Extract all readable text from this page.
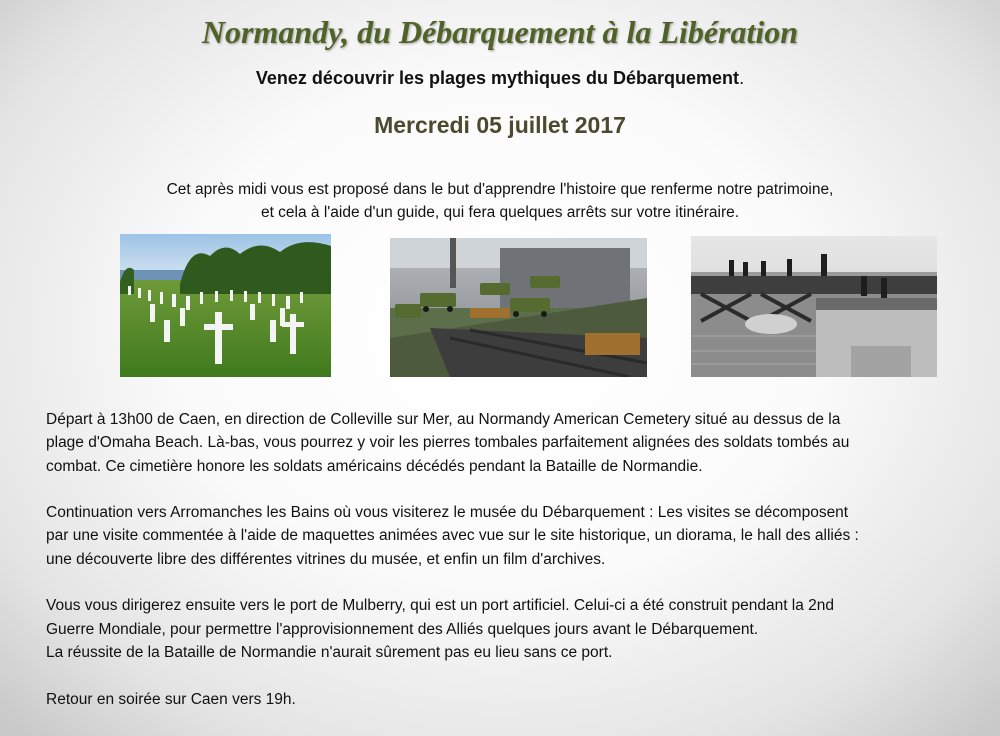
Normandy, du Débarquement à la Libération
Venez découvrir les plages mythiques du Débarquement.
Mercredi 05 juillet 2017
Cet après midi vous est proposé dans le but d'apprendre l'histoire que renferme notre patrimoine,
et cela à l'aide d'un guide, qui fera quelques arrêts sur votre itinéraire.

Départ à 13h00 de Caen, en direction de Colleville sur Mer, au Normandy American Cemetery situé au dessus de la
plage d'Omaha Beach. Là-bas, vous pourrez y voir les pierres tombales parfaitement alignées des soldats tombés au
combat. Ce cimetière honore les soldats américains décédés pendant la Bataille de Normandie.

Continuation vers Arromanches les Bains où vous visiterez le musée du Débarquement : Les visites se décomposent
par une visite commentée à l'aide de maquettes animées avec vue sur le site historique, un diorama, le hall des alliés :
une découverte libre des différentes vitrines du musée, et enfin un film d'archives.

Vous vous dirigerez ensuite vers le port de Mulberry, qui est un port artificiel. Celui-ci a été construit pendant la 2nd
Guerre Mondiale, pour permettre l'approvisionnement des Alliés quelques jours avant le Débarquement.
La réussite de la Bataille de Normandie n'aurait sûrement pas eu lieu sans ce port.

Retour en soirée sur Caen vers 19h.
